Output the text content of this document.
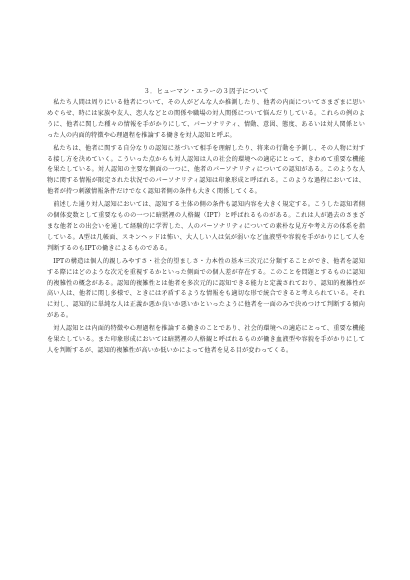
３．ヒューマン・エラーの３因子について

私たち人間は周りにいる他者について、その人がどんな人か推測したり、他者の内面についてさまざまに思いめぐらせ、時には家族や友人、恋人などとの関係や職場の対人関係について悩んだりしている。これらの例のように、他者に関した種々の情報を手がかりにして、パーソナリティ、情動、意図、態度、あるいは対人関係といった人の内面的特徴や心理過程を推論する働きを対人認知と呼ぶ。

私たちは、他者に関する自分なりの認知に基づいて相手を理解したり、将来の行動を予測し、その人物に対する接し方を決めていく。こういった点からも対人認知は人の社会的環境への適応にとって、きわめて重要な機能を果たしている。対人認知の主要な側面の一つに、他者のパーソナリティについての認知がある。このような人物に関する情報が限定された状況でのパーソナリティ認知は印象形成と呼ばれる。このような過程においては、他者が持つ刺激情報条件だけでなく認知者側の条件も大きく関係してくる。

前述した通り対人認知においては、認知する主体の側の条件も認知内容を大きく規定する。こうした認知者側の個体変数として重要なものの一つに暗黙裡の人格観（IPT）と呼ばれるものがある。これは人が過去のさまざまな他者との出会いを通して経験的に学習した、人のパーソナリティについての素朴な見方や考え方の体系を指している。A型は几帳面、スキンヘッドは怖い、大人しい人は気が弱いなど血液型や容貌を手がかりにして人を判断するのもIPTの働きによるものである。

IPTの構造は個人的親しみやすさ・社会的望ましさ・力本性の基本三次元に分類することができ、他者を認知する際にはどのような次元を重視するかといった側面での個人差が存在する。このことを問題とするものに認知的複雑性の概念がある。認知的複雑性とは他者を多次元的に認知できる能力と定義されており、認知的複雑性が高い人は、他者に関し多様で、ときには矛盾するような情報をも適切な形で統合できると考えられている。それに対し、認知的に単純な人は正義か悪か良いか悪いかといったように他者を一面のみで決めつけて判断する傾向がある。

対人認知とは内面的特徴や心理過程を推論する働きのことであり、社会的環境への適応にとって、重要な機能を果たしている。また印象形成においては暗黙裡の人格観と呼ばれるものが働き血液型や容貌を手がかりにして人を判断するが、認知的複雑性が高いか低いかによって他者を見る目が変わってくる。
